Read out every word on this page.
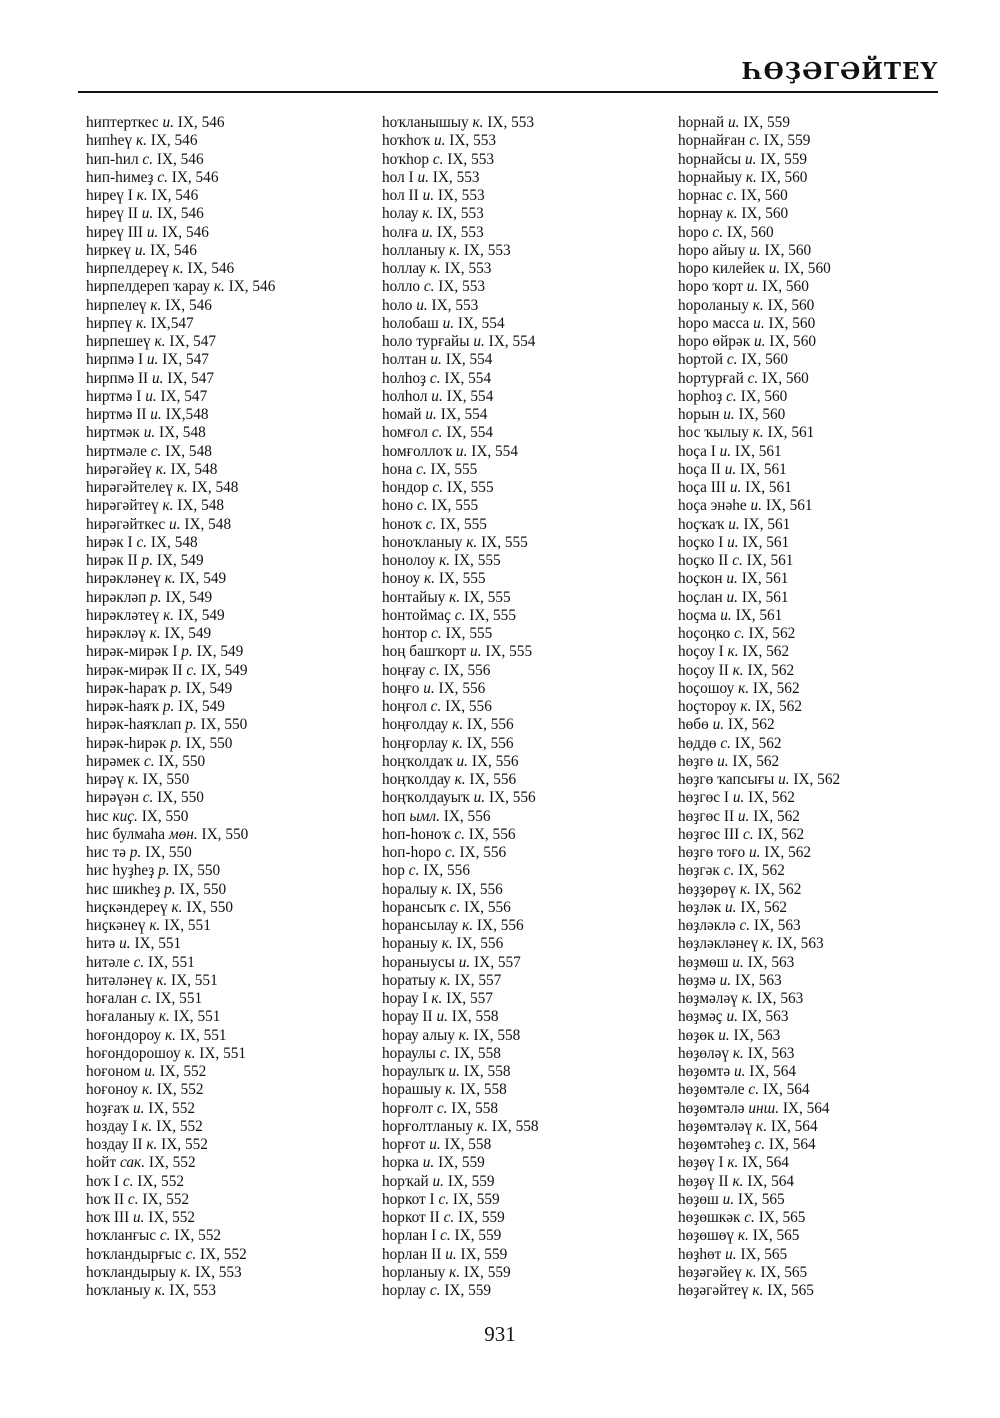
ҺӨҘӘГӘЙТЕҮ
һиптерткес и. IX, 546
һипһеү к. IX, 546
һип-һил с. IX, 546
һип-һимеҙ с. IX, 546
һиреү I к. IX, 546
һиреү II и. IX, 546
һиреү III и. IX, 546
һиркеү и. IX, 546
һирпелдереү к. IX, 546
һирпелдереп ҡарау к. IX, 546
һирпелеү к. IX, 546
һирпеү к. IX,547
һирпешеү к. IX, 547
һирпмә I и. IX, 547
һирпмә II и. IX, 547
һиртмә I и. IX, 547
һиртмә II и. IX,548
һиртмәк и. IX, 548
һиртмәле с. IX, 548
һирәгәйеү к. IX, 548
һирәгәйтелеү к. IX, 548
һирәгәйтеү к. IX, 548
һирәгәйткес и. IX, 548
һирәк I с. IX, 548
һирәк II р. IX, 549
һирәкләнеү к. IX, 549
һирәкләп р. IX, 549
һирәкләтеү к. IX, 549
һирәкләү к. IX, 549
һирәк-мирәк I р. IX, 549
һирәк-мирәк II с. IX, 549
һирәк-һараҡ р. IX, 549
һирәк-һаяҡ р. IX, 549
һирәк-һаяҡлап р. IX, 550
һирәк-һирәк р. IX, 550
һирәмек с. IX, 550
һирәү к. IX, 550
һирәүән с. IX, 550
һис киҫ. IX, 550
һис булмаһа мөн. IX, 550
һис тә р. IX, 550
һис һуҙһеҙ р. IX, 550
һис шикһеҙ р. IX, 550
һиҫкәндереү к. IX, 550
һиҫкәнеү к. IX, 551
һитә и. IX, 551
һитәле с. IX, 551
һитәләнеү к. IX, 551
һоғалан с. IX, 551
һоғаланыу к. IX, 551
һоғондороу к. IX, 551
һоғондорошоу к. IX, 551
һоғоном и. IX, 552
һоғоноу к. IX, 552
һоҙғаҡ и. IX, 552
һоздау I к. IX, 552
һоздау II к. IX, 552
һойт сак. IX, 552
һоҡ I с. IX, 552
һоҡ II с. IX, 552
һоҡ III и. IX, 552
һоҡланғыс с. IX, 552
һоҡландырғыс с. IX, 552
һоҡландырыу к. IX, 553
һоҡланыу к. IX, 553
һоҡланышыу к. IX, 553
һоҡһоҡ и. IX, 553
һоҡһор с. IX, 553
һол I и. IX, 553
һол II и. IX, 553
һолау к. IX, 553
һолға и. IX, 553
һолланыу к. IX, 553
һоллау к. IX, 553
һолло с. IX, 553
һоло и. IX, 553
һолобаш и. IX, 554
һоло турғайы и. IX, 554
һолтан и. IX, 554
һолһоҙ с. IX, 554
һолһол и. IX, 554
һомай и. IX, 554
һомғол с. IX, 554
һомғоллоҡ и. IX, 554
һона с. IX, 555
һондор с. IX, 555
һоно с. IX, 555
һоноҡ с. IX, 555
һоноҡланыу к. IX, 555
һонолоу к. IX, 555
һоноу к. IX, 555
һонтайыу к. IX, 555
һонтоймаҫ с. IX, 555
һонтор с. IX, 555
һоң башҡорт и. IX, 555
һоңғау с. IX, 556
һоңғо и. IX, 556
һоңғол с. IX, 556
һоңғолдау к. IX, 556
һоңғорлау к. IX, 556
һоңҡолдаҡ и. IX, 556
һоңҡолдау к. IX, 556
һоңҡолдауыҡ и. IX, 556
һоп ымл. IX, 556
һоп-һоноҡ с. IX, 556
һоп-һоро с. IX, 556
һор с. IX, 556
һоралыу к. IX, 556
һорансыҡ с. IX, 556
һорансылау к. IX, 556
һораныу к. IX, 556
һораныусы и. IX, 557
һоратыу к. IX, 557
һорау I к. IX, 557
һорау II и. IX, 558
һорау алыу к. IX, 558
һораулы с. IX, 558
һораулыҡ и. IX, 558
һорашыу к. IX, 558
һорғолт с. IX, 558
һорғолтланыу к. IX, 558
һорғот и. IX, 558
һорка и. IX, 559
һорҡай и. IX, 559
һоркот I с. IX, 559
һоркот II с. IX, 559
һорлан I с. IX, 559
һорлан II и. IX, 559
һорланыу к. IX, 559
һорлау с. IX, 559
һорнай и. IX, 559
һорнайған с. IX, 559
һорнайсы и. IX, 559
һорнайыу к. IX, 560
һорнас с. IX, 560
һорнау к. IX, 560
һоро с. IX, 560
һоро айыу и. IX, 560
һоро килейек и. IX, 560
һоро ҡорт и. IX, 560
һороланыу к. IX, 560
һоро масса и. IX, 560
һоро өйрәк и. IX, 560
һортой с. IX, 560
һортурғай с. IX, 560
һорһоҙ с. IX, 560
һорын и. IX, 560
һос ҡылыу к. IX, 561
һоҫа I и. IX, 561
һоҫа II и. IX, 561
һоҫа III и. IX, 561
һоҫа энәһе и. IX, 561
һоҫҡаҡ и. IX, 561
һоҫко I и. IX, 561
һоҫко II с. IX, 561
һоҫкон и. IX, 561
һоҫлан и. IX, 561
һоҫма и. IX, 561
һоҫоңко с. IX, 562
һоҫоу I к. IX, 562
һоҫоу II к. IX, 562
һоҫошоу к. IX, 562
һоҫтороу к. IX, 562
һөбө и. IX, 562
һөддө с. IX, 562
һөҙгө и. IX, 562
һөҙгө ҡапсығы и. IX, 562
һөҙгөс I и. IX, 562
һөҙгөс II и. IX, 562
һөҙгөс III с. IX, 562
һөҙгө тоғо и. IX, 562
һөҙгәк с. IX, 562
һөҙҙөрөү к. IX, 562
һөҙләк и. IX, 562
һөҙләклә с. IX, 563
һөҙләкләнеү к. IX, 563
һөҙмөш и. IX, 563
һөҙмә и. IX, 563
һөҙмәләү к. IX, 563
һөҙмәҫ и. IX, 563
һөҙөк и. IX, 563
һөҙөләү к. IX, 563
һөҙөмтә и. IX, 564
һөҙөмтәле с. IX, 564
һөҙөмтәлә инш. IX, 564
һөҙөмтәләү к. IX, 564
һөҙөмтәһеҙ с. IX, 564
һөҙөү I к. IX, 564
һөҙөү II к. IX, 564
һөҙөш и. IX, 565
һөҙөшкәк с. IX, 565
һөҙөшөү к. IX, 565
һөҙһөт и. IX, 565
һөҙәгәйеү к. IX, 565
һөҙәгәйтеү к. IX, 565
931
